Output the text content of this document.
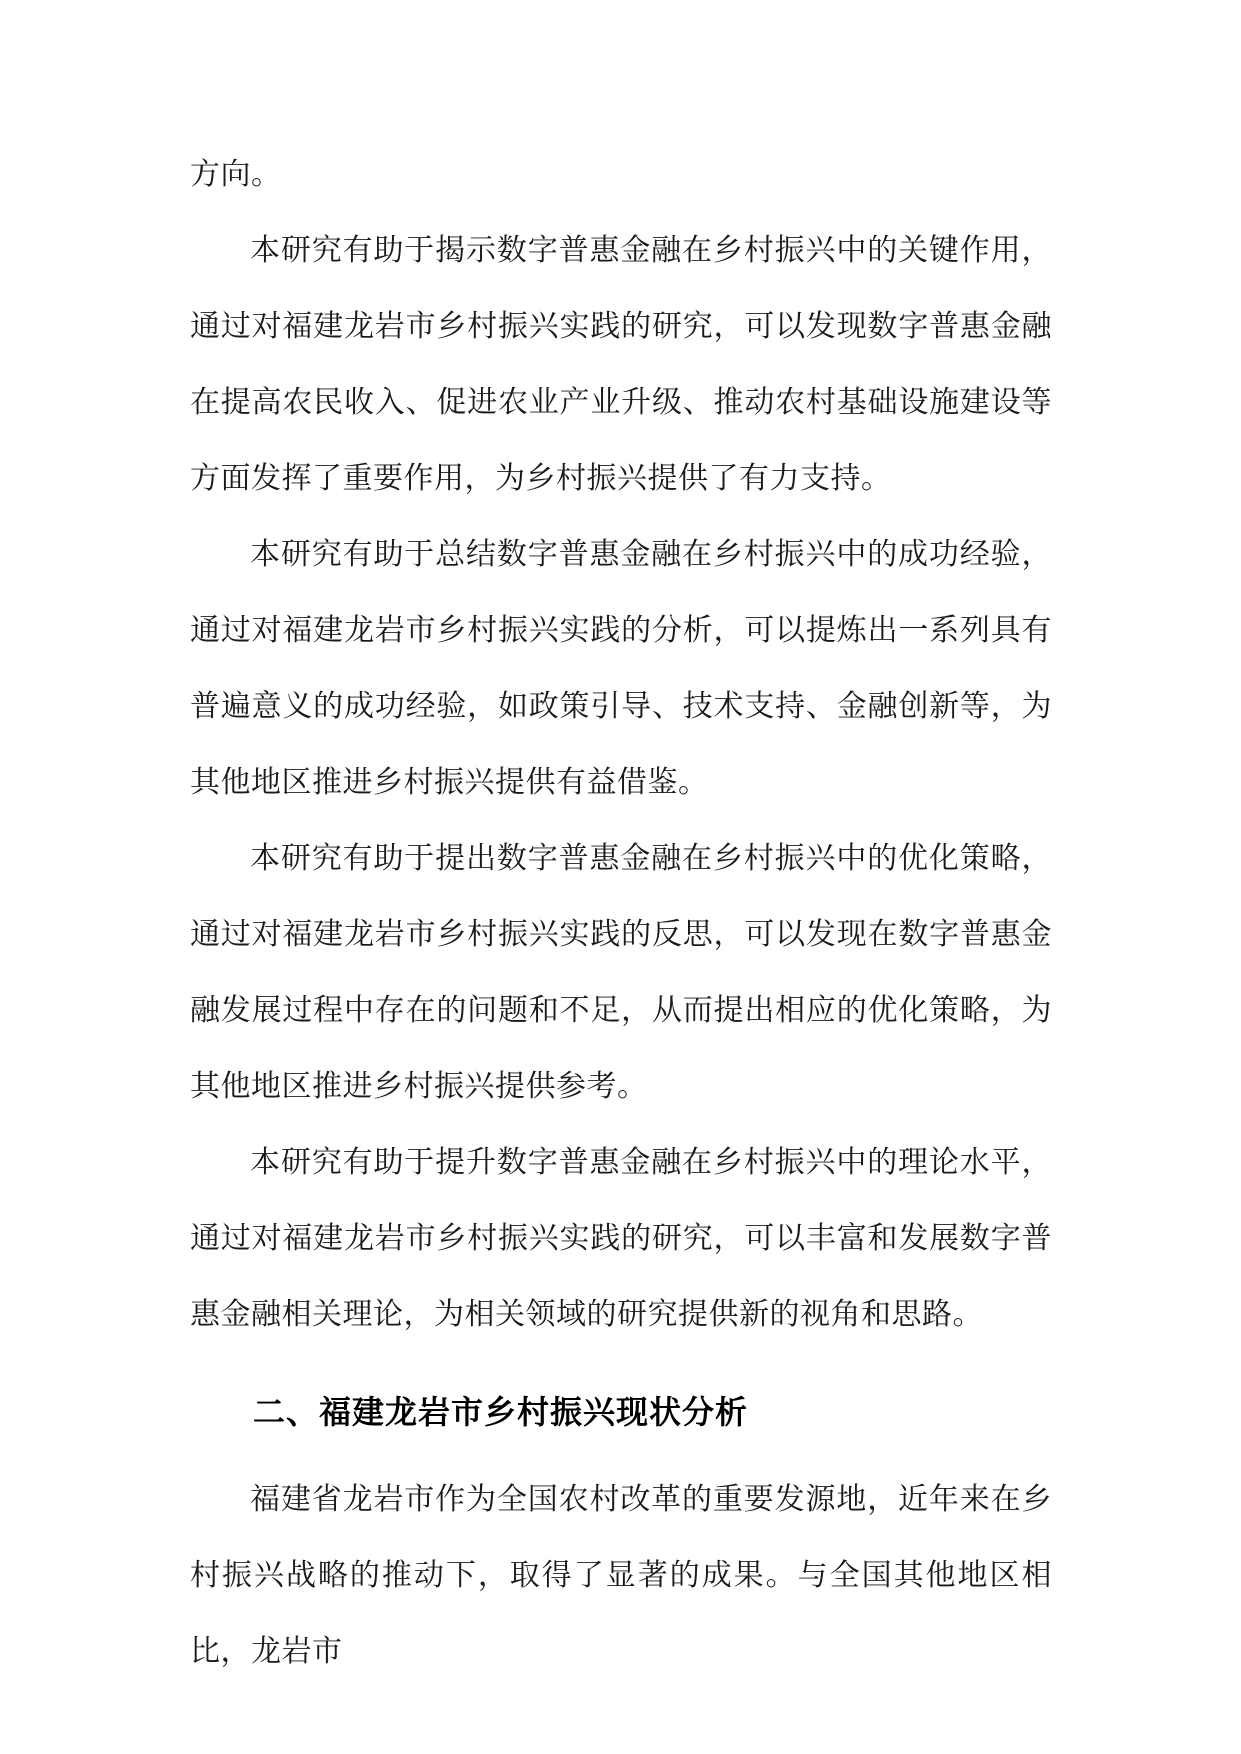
方向。

本研究有助于揭示数字普惠金融在乡村振兴中的关键作用，通过对福建龙岩市乡村振兴实践的研究，可以发现数字普惠金融在提高农民收入、促进农业产业升级、推动农村基础设施建设等方面发挥了重要作用，为乡村振兴提供了有力支持。

本研究有助于总结数字普惠金融在乡村振兴中的成功经验，通过对福建龙岩市乡村振兴实践的分析，可以提炼出一系列具有普遍意义的成功经验，如政策引导、技术支持、金融创新等，为其他地区推进乡村振兴提供有益借鉴。

本研究有助于提出数字普惠金融在乡村振兴中的优化策略，通过对福建龙岩市乡村振兴实践的反思，可以发现在数字普惠金融发展过程中存在的问题和不足，从而提出相应的优化策略，为其他地区推进乡村振兴提供参考。

本研究有助于提升数字普惠金融在乡村振兴中的理论水平，通过对福建龙岩市乡村振兴实践的研究，可以丰富和发展数字普惠金融相关理论，为相关领域的研究提供新的视角和思路。

二、福建龙岩市乡村振兴现状分析

福建省龙岩市作为全国农村改革的重要发源地，近年来在乡村振兴战略的推动下，取得了显著的成果。与全国其他地区相比，龙岩市
